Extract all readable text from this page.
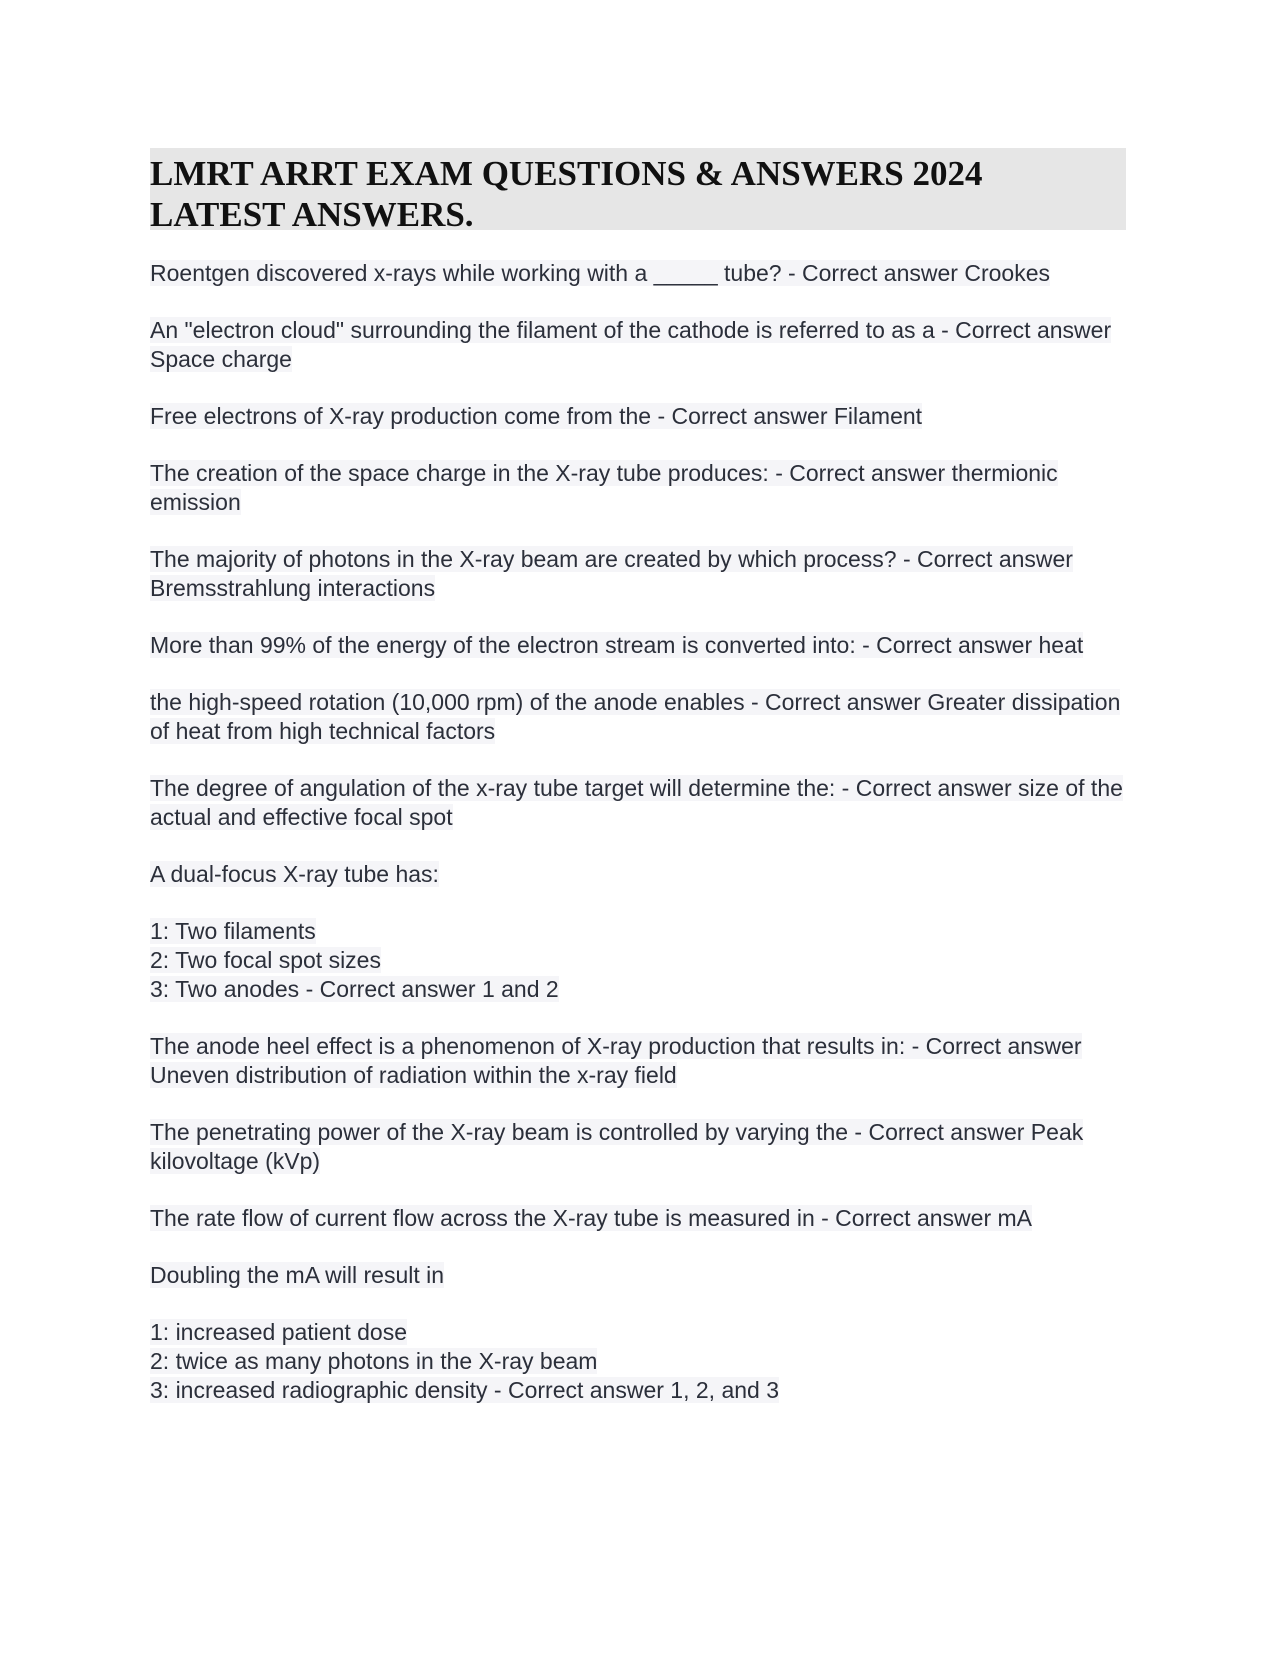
LMRT ARRT EXAM QUESTIONS & ANSWERS 2024 LATEST ANSWERS.

Roentgen discovered x-rays while working with a _____ tube? - Correct answer Crookes

An "electron cloud" surrounding the filament of the cathode is referred to as a - Correct answer Space charge

Free electrons of X-ray production come from the - Correct answer Filament

The creation of the space charge in the X-ray tube produces: - Correct answer thermionic emission

The majority of photons in the X-ray beam are created by which process? - Correct answer Bremsstrahlung interactions

More than 99% of the energy of the electron stream is converted into: - Correct answer heat

the high-speed rotation (10,000 rpm) of the anode enables - Correct answer Greater dissipation of heat from high technical factors

The degree of angulation of the x-ray tube target will determine the: - Correct answer size of the actual and effective focal spot

A dual-focus X-ray tube has:

1: Two filaments
2: Two focal spot sizes
3: Two anodes - Correct answer 1 and 2

The anode heel effect is a phenomenon of X-ray production that results in: - Correct answer Uneven distribution of radiation within the x-ray field

The penetrating power of the X-ray beam is controlled by varying the - Correct answer Peak kilovoltage (kVp)

The rate flow of current flow across the X-ray tube is measured in - Correct answer mA

Doubling the mA will result in

1: increased patient dose
2: twice as many photons in the X-ray beam
3: increased radiographic density - Correct answer 1, 2, and 3
